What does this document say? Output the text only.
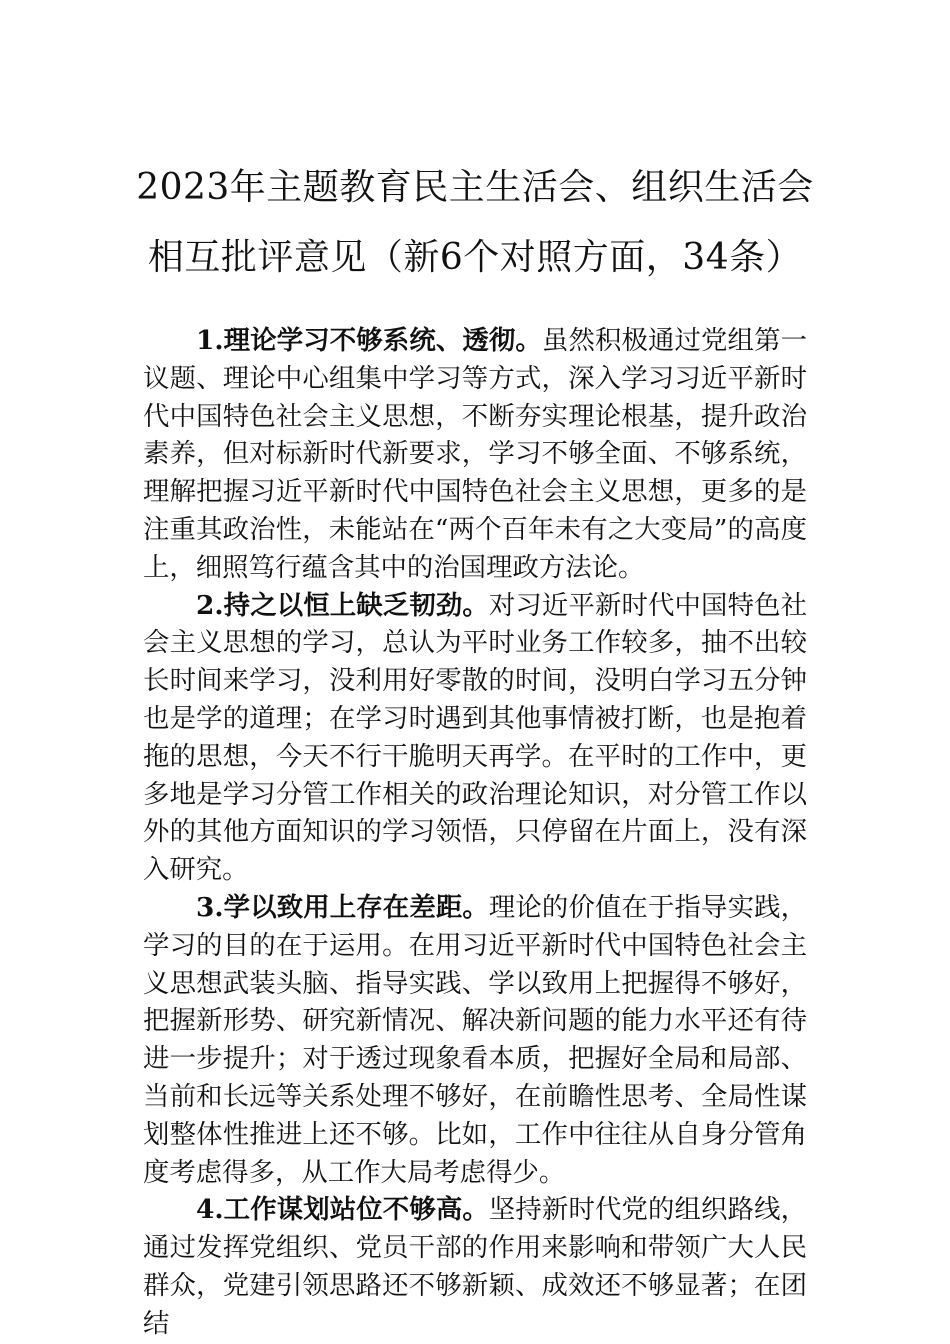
2023年主题教育民主生活会、组织生活会
相互批评意见（新6个对照方面，34条）

1.理论学习不够系统、透彻。虽然积极通过党组第一议题、理论中心组集中学习等方式，深入学习习近平新时代中国特色社会主义思想，不断夯实理论根基，提升政治素养，但对标新时代新要求，学习不够全面、不够系统，理解把握习近平新时代中国特色社会主义思想，更多的是注重其政治性，未能站在“两个百年未有之大变局”的高度上，细照笃行蕴含其中的治国理政方法论。

2.持之以恒上缺乏韧劲。对习近平新时代中国特色社会主义思想的学习，总认为平时业务工作较多，抽不出较长时间来学习，没利用好零散的时间，没明白学习五分钟也是学的道理；在学习时遇到其他事情被打断，也是抱着拖的思想，今天不行干脆明天再学。在平时的工作中，更多地是学习分管工作相关的政治理论知识，对分管工作以外的其他方面知识的学习领悟，只停留在片面上，没有深入研究。

3.学以致用上存在差距。理论的价值在于指导实践，学习的目的在于运用。在用习近平新时代中国特色社会主义思想武装头脑、指导实践、学以致用上把握得不够好，把握新形势、研究新情况、解决新问题的能力水平还有待进一步提升；对于透过现象看本质，把握好全局和局部、当前和长远等关系处理不够好，在前瞻性思考、全局性谋划整体性推进上还不够。比如，工作中往往从自身分管角度考虑得多，从工作大局考虑得少。

4.工作谋划站位不够高。坚持新时代党的组织路线，通过发挥党组织、党员干部的作用来影响和带领广大人民群众，党建引领思路还不够新颖、成效还不够显著；在团结
